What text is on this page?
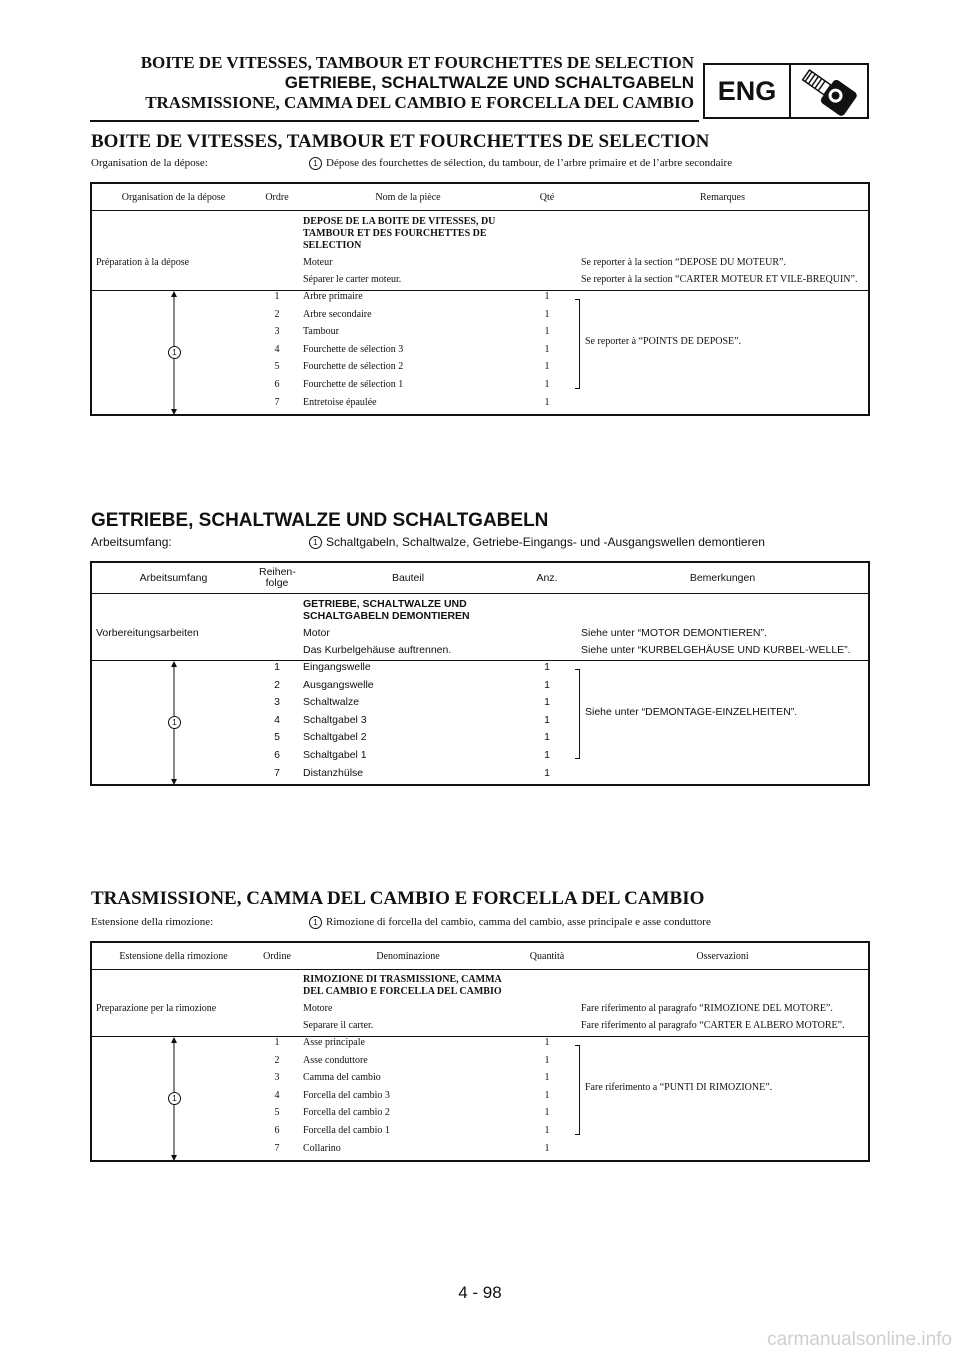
BOITE DE VITESSES, TAMBOUR ET FOURCHETTES DE SELECTION
GETRIEBE, SCHALTWALZE UND SCHALTGABELN
TRASMISSIONE, CAMMA DEL CAMBIO E FORCELLA DEL CAMBIO ENG
BOITE DE VITESSES, TAMBOUR ET FOURCHETTES DE SELECTION
Organisation de la dépose:	1 Dépose des fourchettes de sélection, du tambour, de l’arbre primaire et de l’arbre secondaire
Organisation de la dépose	Ordre	Nom de la pièce	Qté	Remarques
		DEPOSE DE LA BOITE DE VITESSES, DU TAMBOUR ET DES FOURCHETTES DE SELECTION		
Préparation à la dépose		Moteur		Se reporter à la section “DEPOSE DU MOTEUR”.
		Séparer le carter moteur.		Se reporter à la section “CARTER MOTEUR ET VILE-BREQUIN”.

1	1	Arbre primaire	1	Se reporter à “POINTS DE DEPOSE”.

	2	Arbre secondaire	1	
	3	Tambour	1	
	4	Fourchette de sélection 3	1	
	5	Fourchette de sélection 2	1	
	6	Fourchette de sélection 1	1	
	7	Entretoise épaulée	1	
GETRIEBE, SCHALTWALZE UND SCHALTGABELN
Arbeitsumfang:	1 Schaltgabeln, Schaltwalze, Getriebe-Eingangs- und -Ausgangswellen demontieren
Arbeitsumfang	Reihen-folge	Bauteil	Anz.	Bemerkungen
		GETRIEBE, SCHALTWALZE UND SCHALTGABELN DEMONTIEREN		
Vorbereitungsarbeiten		Motor		Siehe unter “MOTOR DEMONTIEREN”.
		Das Kurbelgehäuse auftrennen.		Siehe unter “KURBELGEHÄUSE UND KURBEL-WELLE”.

1	1	Eingangswelle	1	Siehe unter “DEMONTAGE-EINZELHEITEN”.

	2	Ausgangswelle	1	
	3	Schaltwalze	1	
	4	Schaltgabel 3	1	
	5	Schaltgabel 2	1	
	6	Schaltgabel 1	1	
	7	Distanzhülse	1	
TRASMISSIONE, CAMMA DEL CAMBIO E FORCELLA DEL CAMBIO
Estensione della rimozione:	1 Rimozione di forcella del cambio, camma del cambio, asse principale e asse conduttore
Estensione della rimozione	Ordine	Denominazione	Quantità	Osservazioni
		RIMOZIONE DI TRASMISSIONE, CAMMA DEL CAMBIO E FORCELLA DEL CAMBIO		
Preparazione per la rimozione		Motore		Fare riferimento al paragrafo “RIMOZIONE DEL MOTORE”.
		Separare il carter.		Fare riferimento al paragrafo “CARTER E ALBERO MOTORE”.

1	1	Asse principale	1	Fare riferimento a “PUNTI DI RIMOZIONE”.

	2	Asse conduttore	1	
	3	Camma del cambio	1	
	4	Forcella del cambio 3	1	
	5	Forcella del cambio 2	1	
	6	Forcella del cambio 1	1	
	7	Collarino	1	
4 - 98
carmanualsonline.info
